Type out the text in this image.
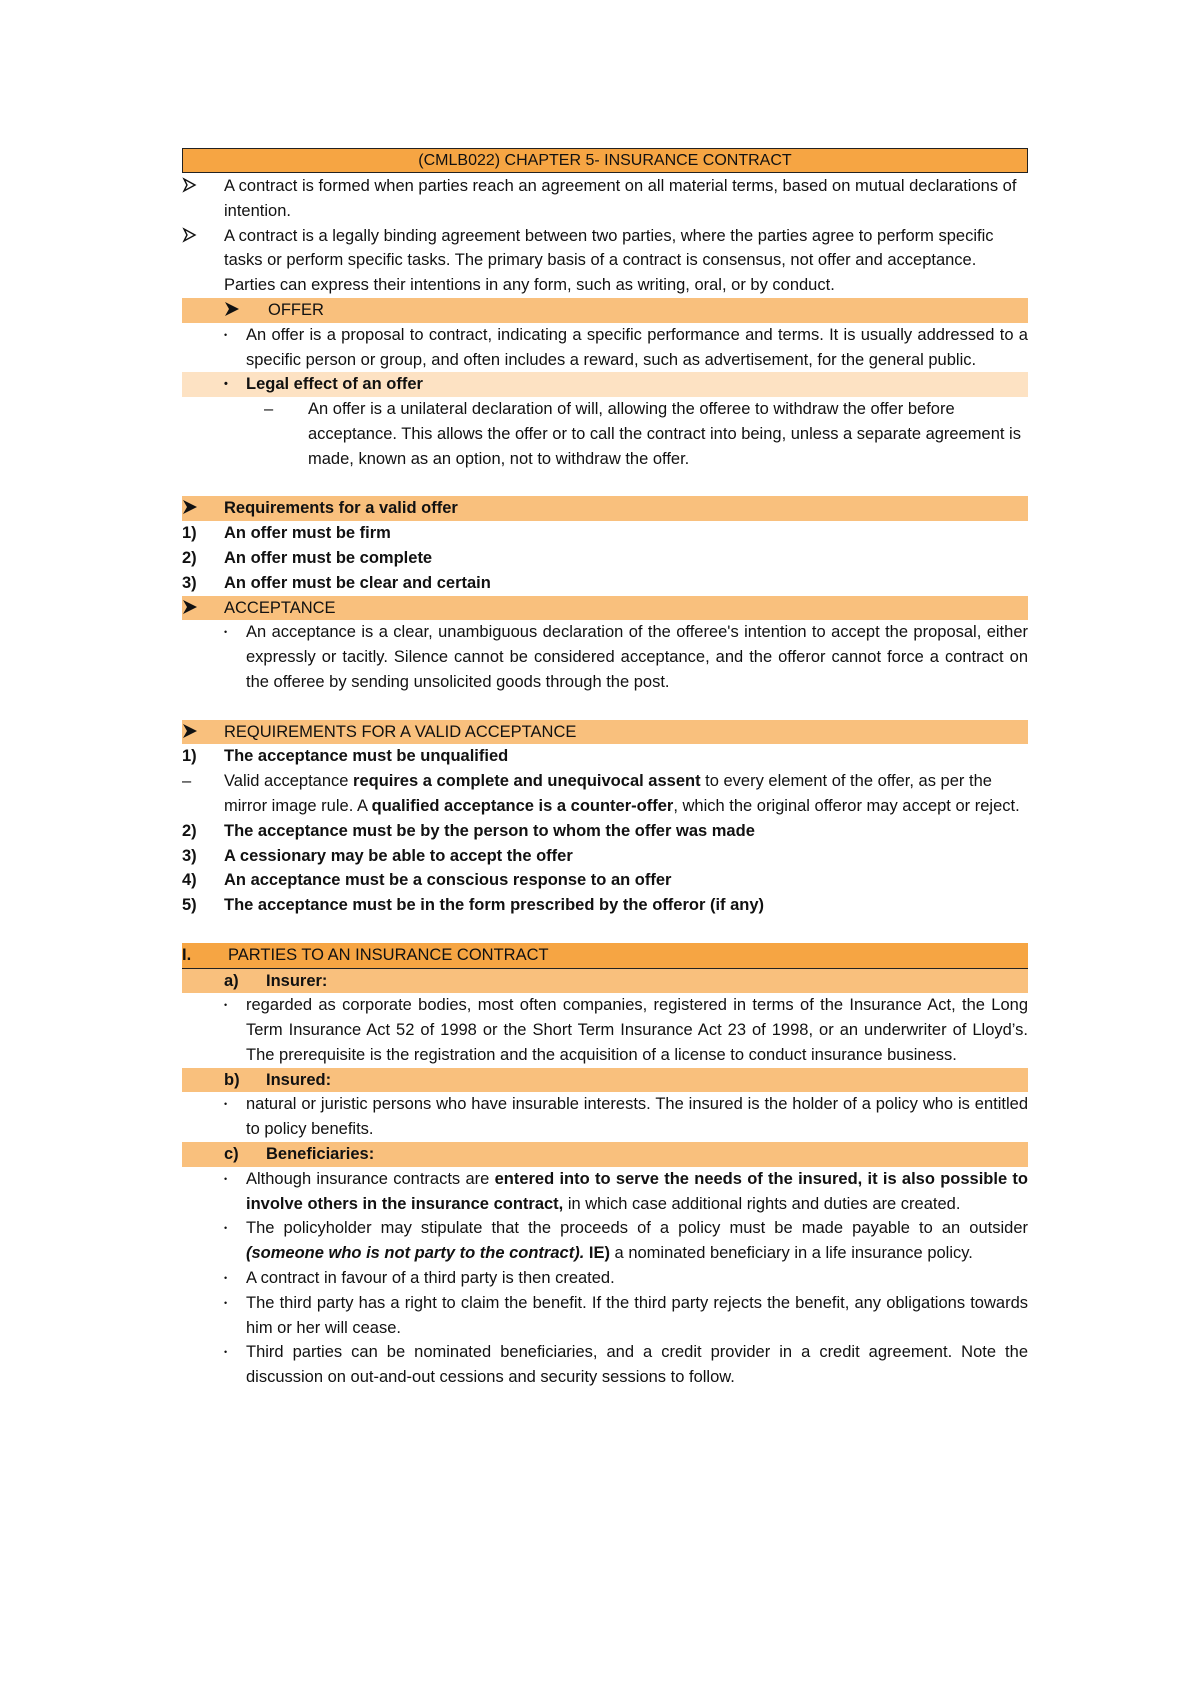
(CMLB022) CHAPTER 5- INSURANCE CONTRACT
A contract is formed when parties reach an agreement on all material terms, based on mutual declarations of intention.
A contract is a legally binding agreement between two parties, where the parties agree to perform specific tasks or perform specific tasks. The primary basis of a contract is consensus, not offer and acceptance. Parties can express their intentions in any form, such as writing, oral, or by conduct.
OFFER
•	An offer is a proposal to contract, indicating a specific performance and terms. It is usually addressed to a specific person or group, and often includes a reward, such as advertisement, for the general public.
•	Legal effect of an offer
–	An offer is a unilateral declaration of will, allowing the offeree to withdraw the offer before acceptance. This allows the offer or to call the contract into being, unless a separate agreement is made, known as an option, not to withdraw the offer.
Requirements for a valid offer
1)	An offer must be firm
2)	An offer must be complete
3)	An offer must be clear and certain
ACCEPTANCE
•	An acceptance is a clear, unambiguous declaration of the offeree's intention to accept the proposal, either expressly or tacitly. Silence cannot be considered acceptance, and the offeror cannot force a contract on the offeree by sending unsolicited goods through the post.
REQUIREMENTS FOR A VALID ACCEPTANCE
1)	The acceptance must be unqualified
–	Valid acceptance requires a complete and unequivocal assent to every element of the offer, as per the mirror image rule. A qualified acceptance is a counter-offer, which the original offeror may accept or reject.
2)	The acceptance must be by the person to whom the offer was made
3)	A cessionary may be able to accept the offer
4)	An acceptance must be a conscious response to an offer
5)	The acceptance must be in the form prescribed by the offeror (if any)
I.	PARTIES TO AN INSURANCE CONTRACT
a)	Insurer:
•	regarded as corporate bodies, most often companies, registered in terms of the Insurance Act, the Long Term Insurance Act 52 of 1998 or the Short Term Insurance Act 23 of 1998, or an underwriter of Lloyd’s. The prerequisite is the registration and the acquisition of a license to conduct insurance business.
b)	Insured:
•	natural or juristic persons who have insurable interests. The insured is the holder of a policy who is entitled to policy benefits.
c)	Beneficiaries:
•	Although insurance contracts are entered into to serve the needs of the insured, it is also possible to involve others in the insurance contract, in which case additional rights and duties are created.
•	The policyholder may stipulate that the proceeds of a policy must be made payable to an outsider (someone who is not party to the contract). IE) a nominated beneficiary in a life insurance policy.
•	A contract in favour of a third party is then created.
•	The third party has a right to claim the benefit. If the third party rejects the benefit, any obligations towards him or her will cease.
•	Third parties can be nominated beneficiaries, and a credit provider in a credit agreement. Note the discussion on out-and-out cessions and security sessions to follow.
